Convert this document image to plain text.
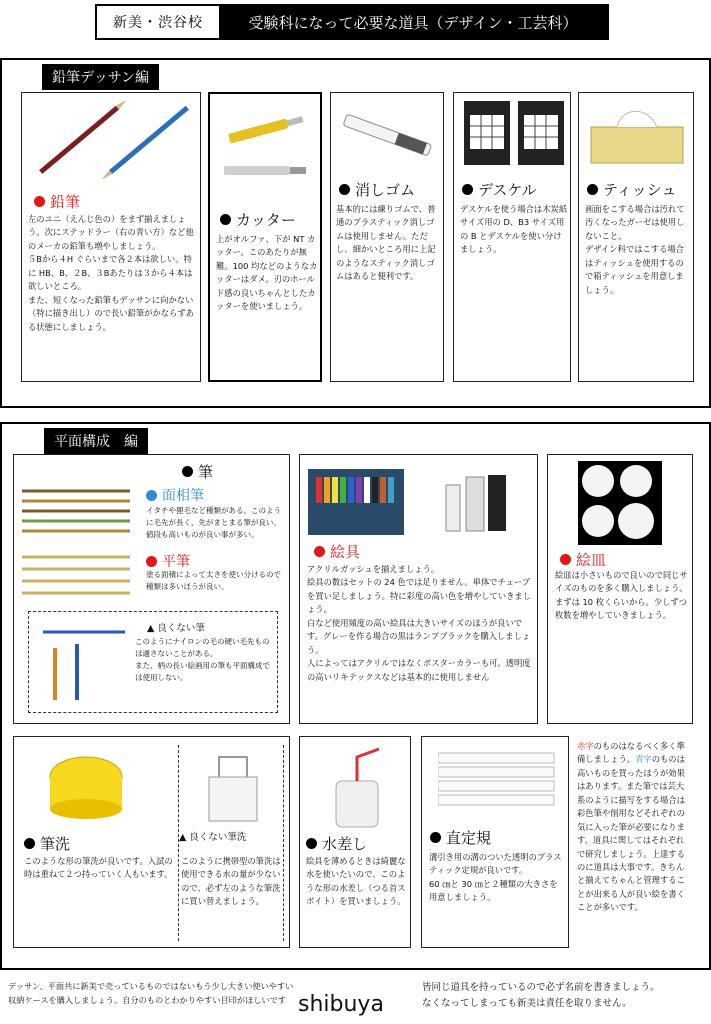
新美・渋谷校	受験科になって必要な道具（デザイン・工芸科）
鉛筆デッサン編
鉛筆
左のユニ（えんじ色の）をまず揃えましょう。次にステッドラー（右の青い方）など他のメーカの鉛筆も増やしましょう。
５Bから４H ぐらいまで各２本は欲しい。特に HB、B、２B、３Bあたりは３から４本は欲しいところ。
また、短くなった鉛筆もデッサンに向かない（特に描き出し）ので長い鉛筆がかならずある状態にしましょう。
カッター
上がオルファ、下が NT カッター。このあたりが無難。100 均などのようなカッターはダメ。刃のホールド感の良いちゃんとしたカッターを使いましょう。
消しゴム
基本的には練りゴムで、普通のプラスティック消しゴムは使用しません。ただし、細かいところ用に上記のようなスティック消しゴムはあると便利です。
デスケル
デスケルを使う場合は木炭紙サイズ用の D、B3 サイズ用の B とデスケルを使い分けましょう。
ティッシュ
画面をこする場合は汚れて汚くなったガーゼは使用しないこと。
デザイン科ではこする場合はティッシュを使用するので箱ティッシュを用意しましょう。
平面構成　編
筆
面相筆
イタチや狸毛など種類がある。このように毛先が長く、先がまとまる筆が良い。値段も高いものが良い事が多い。
平筆
塗る面積によって太さを使い分けるので種類は多いほうが良い。
▲ 良くない筆
このようにナイロンの毛の硬い毛先ものは適さないことがある。
また、柄の長い絵画用の筆も平面構成では使用しない。
絵具
アクリルガッシュを揃えましょう。
絵具の数はセットの 24 色では足りません。単体でチューブを買い足しましょう。特に彩度の高い色を増やしていきましょう。
白など使用頻度の高い絵具は大きいサイズのほうが良いです。グレーを作る場合の黒はランプブラックを購入しましょう。
人によってはアクリルではなくポスターカラーも可。透明度の高いリキテックスなどは基本的に使用しません
絵皿
絵皿は小さいもので良いので同じサイズのものを多く購入しましょう。まずは 10 枚くらいから。少しずつ枚数を増やしていきましょう。
筆洗
このような形の筆洗が良いです。入試の時は重ねて２つ持っていく人もいます。
▲ 良くない筆洗
このように携帯型の筆洗は使用できる水の量が少ないので、必ず左のような筆洗に買い替えましょう。
水差し
絵具を薄めるときは綺麗な水を使いたいので、このような形の水差し（つる首スポイト）を買いましょう。
直定規
溝引き用の溝のついた透明のプラスティック定規が良いです。
60 ㎝と 30 ㎝と２種類の大きさを用意しましょう。
赤字のものはなるべく多く準備しましょう。青字のものは高いものを買ったほうが効果はあります。また筆では芸大系のように描写をする場合は彩色筆や削用などそれぞれの気に入った筆が必要になります。道具に関してはそれぞれで研究しましょう。上達するのに道具は大事です。きちんと揃えてちゃんと管理することが出来る人が良い絵を書くことが多いです。
デッサン、平面共に新美で売っているものではないもう少し大きい使いやすい収納ケースを購入しましょう。自分のものとわかりやすい目印がほしいです shibuya
皆同じ道具を持っているので必ず名前を書きましょう。
なくなってしまっても新美は責任を取りません。
